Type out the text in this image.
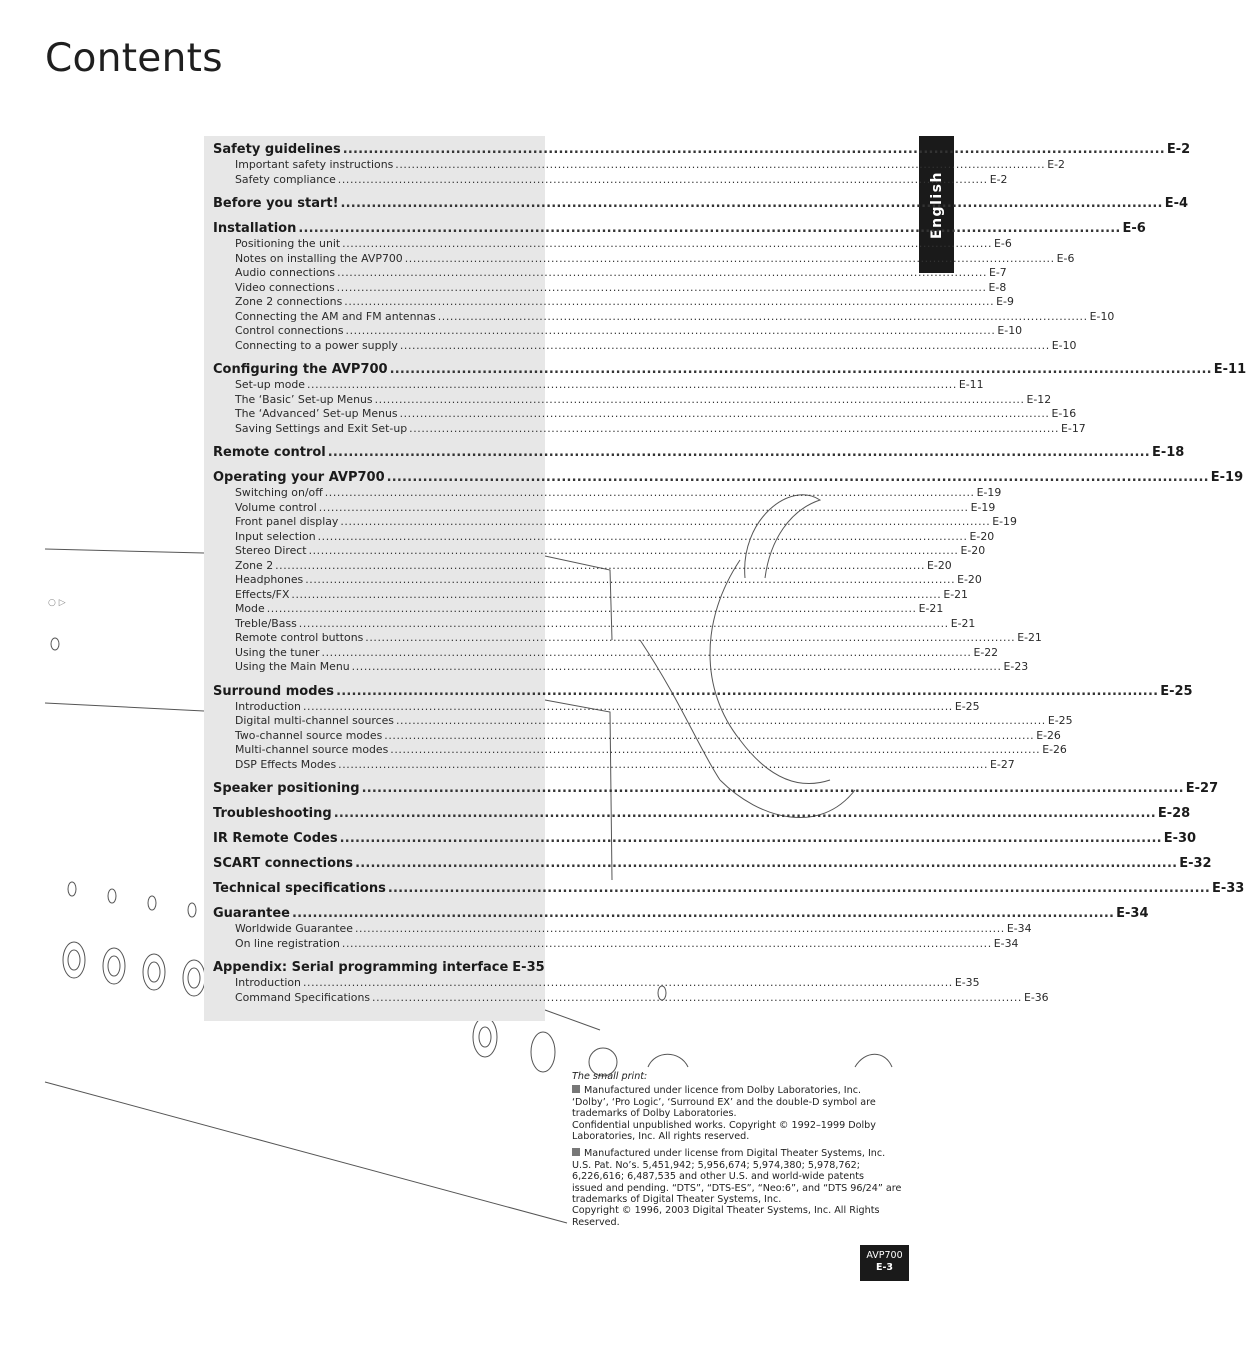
Contents
English
○ ▷
Safety guidelines .....	E-2
Important safety instructions .....	E-2
Safety compliance .....	E-2
Before you start! .....	E-4
Installation .....	E-6
Positioning the unit .....	E-6
Notes on installing the AVP700 .....	E-6
Audio connections .....	E-7
Video connections .....	E-8
Zone 2 connections .....	E-9
Connecting the AM and FM antennas .....	E-10
Control connections .....	E-10
Connecting to a power supply .....	E-10
Configuring the AVP700 .....	E-11
Set-up mode .....	E-11
The ‘Basic’ Set-up Menus .....	E-12
The ‘Advanced’ Set-up Menus .....	E-16
Saving Settings and Exit Set-up .....	E-17
Remote control .....	E-18
Operating your AVP700 .....	E-19
Switching on/off .....	E-19
Volume control .....	E-19
Front panel display .....	E-19
Input selection .....	E-20
Stereo Direct .....	E-20
Zone 2 .....	E-20
Headphones .....	E-20
Effects/FX .....	E-21
Mode .....	E-21
Treble/Bass .....	E-21
Remote control buttons .....	E-21
Using the tuner .....	E-22
Using the Main Menu .....	E-23
Surround modes .....	E-25
Introduction .....	E-25
Digital multi-channel sources .....	E-25
Two-channel source modes .....	E-26
Multi-channel source modes .....	E-26
DSP Effects Modes .....	E-27
Speaker positioning .....	E-27
Troubleshooting .....	E-28
IR Remote Codes .....	E-30
SCART connections .....	E-32
Technical specifications .....	E-33
Guarantee .....	E-34
Worldwide Guarantee .....	E-34
On line registration .....	E-34
Appendix: Serial programming interface E-35
Introduction .....	E-35
Command Specifications .....	E-36
The small print:
Manufactured under licence from Dolby Laboratories, Inc.
‘Dolby’, ‘Pro Logic’, ‘Surround EX’ and the double-D symbol are
trademarks of Dolby Laboratories.
Confidential unpublished works. Copyright © 1992–1999 Dolby
Laboratories, Inc. All rights reserved.
Manufactured under license from Digital Theater Systems, Inc.
U.S. Pat. No’s. 5,451,942; 5,956,674; 5,974,380; 5,978,762;
6,226,616; 6,487,535 and other U.S. and world-wide patents
issued and pending. “DTS”, “DTS-ES”, “Neo:6”, and “DTS 96/24” are
trademarks of Digital Theater Systems, Inc.
Copyright © 1996, 2003 Digital Theater Systems, Inc. All Rights
Reserved.
AVP700
E-3
